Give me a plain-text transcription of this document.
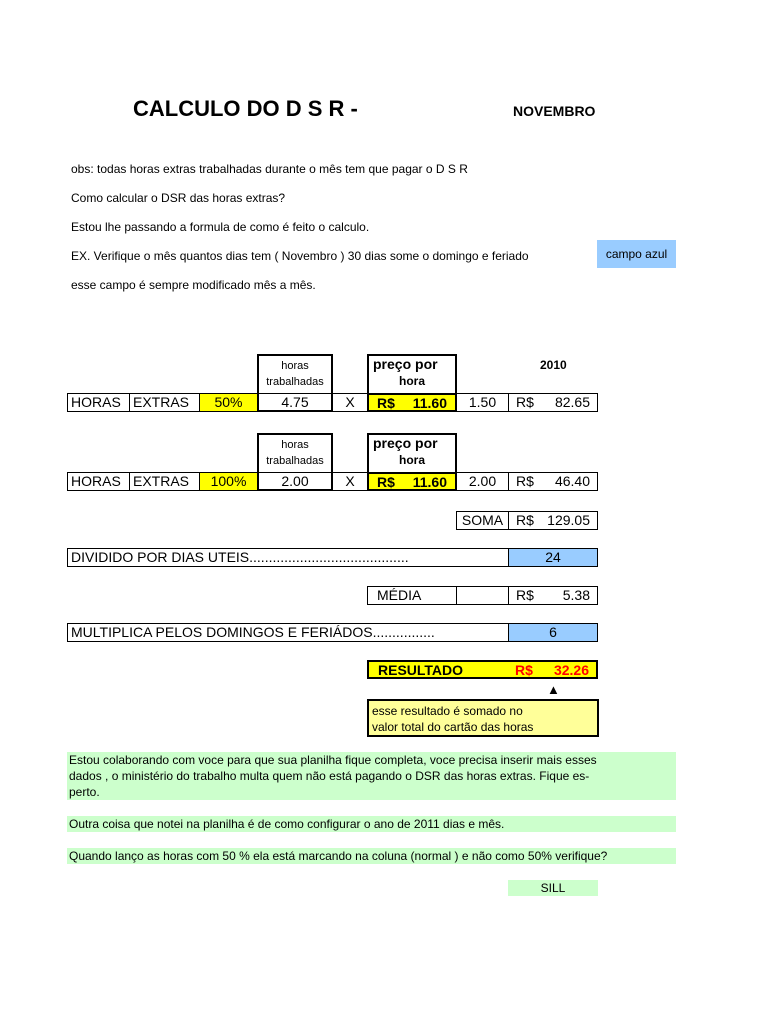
CALCULO DO D S R -	NOVEMBRO
obs: todas horas extras trabalhadas durante o mês tem que pagar o D S R
Como calcular o DSR das horas extras?
Estou lhe passando a formula de como é feito o calculo.
EX. Verifique o mês quantos dias tem ( Novembro ) 30 dias some o domingo e feriado	campo azul
esse campo é sempre modificado mês a mês.
2010
horas
trabalhadas
preço por
hora
HORAS EXTRAS	50%	4.75	X	R$ 11.60	1.50	R$ 82.65
horas
trabalhadas
preço por
hora
HORAS EXTRAS	100%	2.00	X	R$ 11.60	2.00	R$ 46.40
SOMA R$ 129.05
DIVIDIDO POR DIAS UTEIS.........................................	24
MÉDIA	R$ 5.38
MULTIPLICA PELOS DOMINGOS E FERIÁDOS................	6
RESULTADO	R$ 32.26
▲
esse resultado é somado no
valor total do cartão das horas
Estou colaborando com voce para que sua planilha fique completa, voce precisa inserir mais esses
dados , o ministério do trabalho multa quem não está pagando o DSR das horas extras. Fique es-
perto.
Outra coisa que notei na planilha é de como configurar o ano de 2011 dias e mês.
Quando lanço as horas com 50 % ela está marcando na coluna (normal ) e não como 50% verifique?
SILL
